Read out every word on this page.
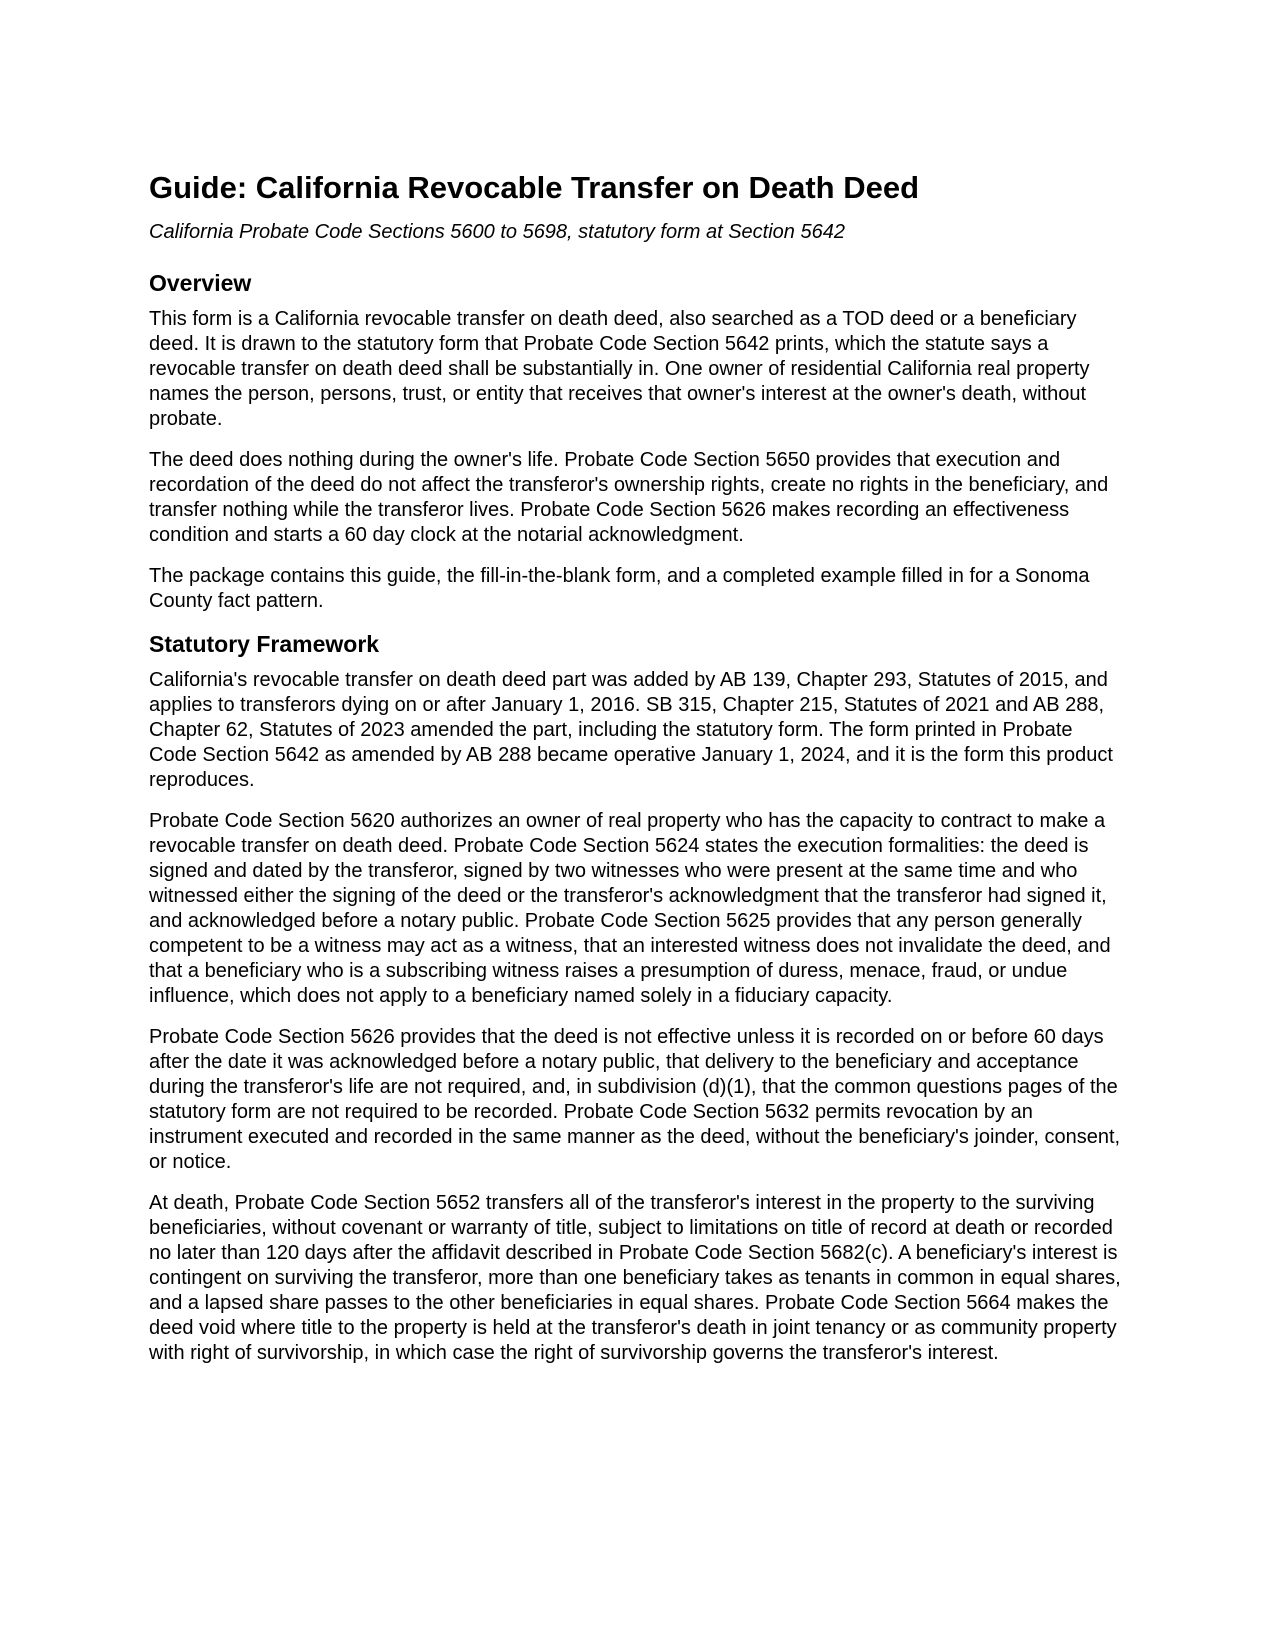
Guide: California Revocable Transfer on Death Deed
California Probate Code Sections 5600 to 5698, statutory form at Section 5642
Overview

This form is a California revocable transfer on death deed, also searched as a TOD deed or a beneficiary deed. It is drawn to the statutory form that Probate Code Section 5642 prints, which the statute says a revocable transfer on death deed shall be substantially in. One owner of residential California real property names the person, persons, trust, or entity that receives that owner's interest at the owner's death, without probate.

The deed does nothing during the owner's life. Probate Code Section 5650 provides that execution and recordation of the deed do not affect the transferor's ownership rights, create no rights in the beneficiary, and transfer nothing while the transferor lives. Probate Code Section 5626 makes recording an effectiveness condition and starts a 60 day clock at the notarial acknowledgment.

The package contains this guide, the fill-in-the-blank form, and a completed example filled in for a Sonoma County fact pattern.

Statutory Framework

California's revocable transfer on death deed part was added by AB 139, Chapter 293, Statutes of 2015, and applies to transferors dying on or after January 1, 2016. SB 315, Chapter 215, Statutes of 2021 and AB 288, Chapter 62, Statutes of 2023 amended the part, including the statutory form. The form printed in Probate Code Section 5642 as amended by AB 288 became operative January 1, 2024, and it is the form this product reproduces.

Probate Code Section 5620 authorizes an owner of real property who has the capacity to contract to make a revocable transfer on death deed. Probate Code Section 5624 states the execution formalities: the deed is signed and dated by the transferor, signed by two witnesses who were present at the same time and who witnessed either the signing of the deed or the transferor's acknowledgment that the transferor had signed it, and acknowledged before a notary public. Probate Code Section 5625 provides that any person generally competent to be a witness may act as a witness, that an interested witness does not invalidate the deed, and that a beneficiary who is a subscribing witness raises a presumption of duress, menace, fraud, or undue influence, which does not apply to a beneficiary named solely in a fiduciary capacity.

Probate Code Section 5626 provides that the deed is not effective unless it is recorded on or before 60 days after the date it was acknowledged before a notary public, that delivery to the beneficiary and acceptance during the transferor's life are not required, and, in subdivision (d)(1), that the common questions pages of the statutory form are not required to be recorded. Probate Code Section 5632 permits revocation by an instrument executed and recorded in the same manner as the deed, without the beneficiary's joinder, consent, or notice.

At death, Probate Code Section 5652 transfers all of the transferor's interest in the property to the surviving beneficiaries, without covenant or warranty of title, subject to limitations on title of record at death or recorded no later than 120 days after the affidavit described in Probate Code Section 5682(c). A beneficiary's interest is contingent on surviving the transferor, more than one beneficiary takes as tenants in common in equal shares, and a lapsed share passes to the other beneficiaries in equal shares. Probate Code Section 5664 makes the deed void where title to the property is held at the transferor's death in joint tenancy or as community property with right of survivorship, in which case the right of survivorship governs the transferor's interest.
